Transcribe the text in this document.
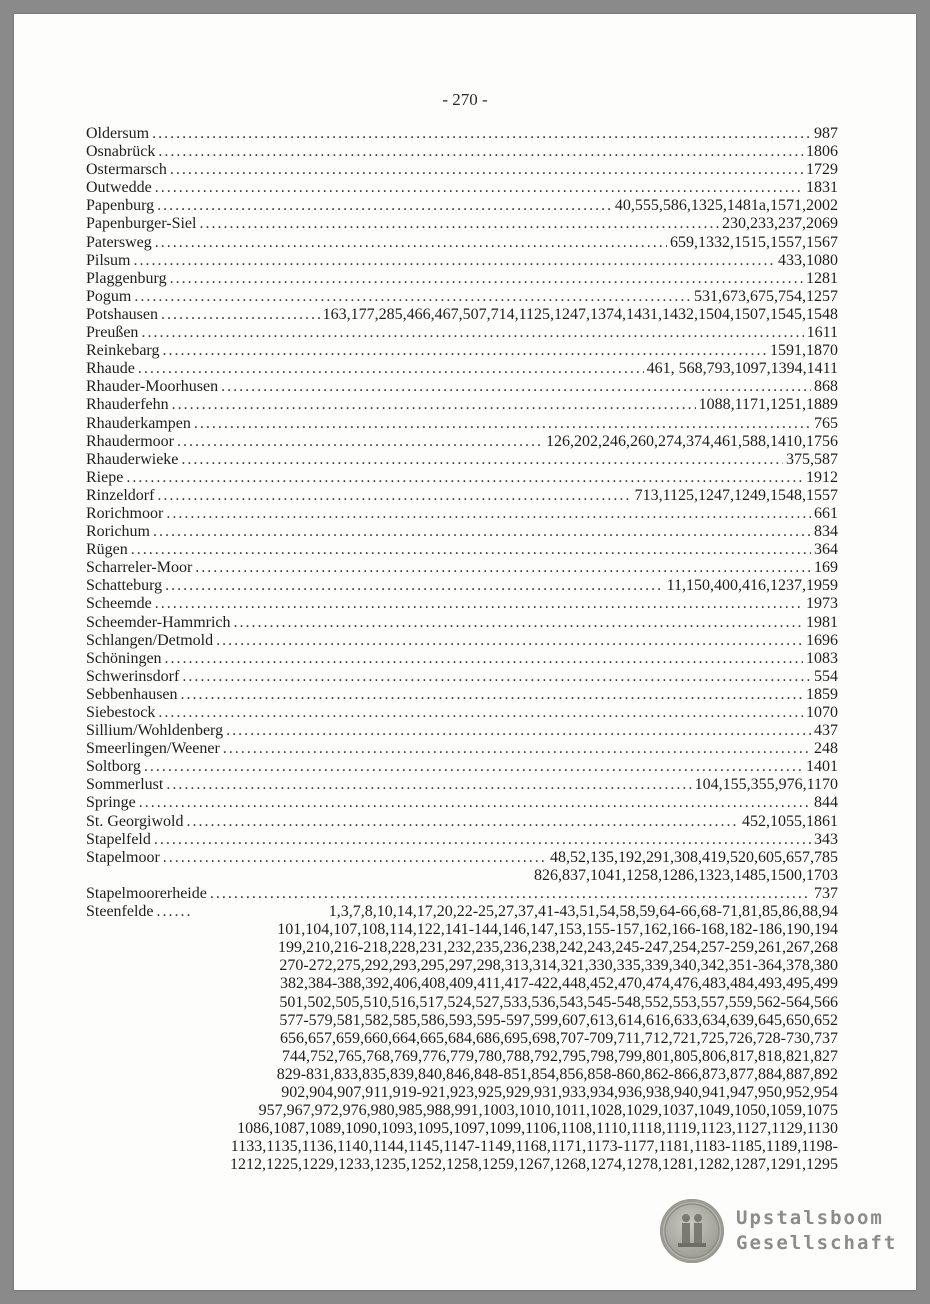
- 270 -
Oldersum .....	987
Osnabrück .....	1806
Ostermarsch .....	1729
Outwedde .....	1831
Papenburg .....	40,555,586,1325,1481a,1571,2002
Papenburger-Siel .....	230,233,237,2069
Patersweg .....	659,1332,1515,1557,1567
Pilsum .....	433,1080
Plaggenburg .....	1281
Pogum .....	531,673,675,754,1257
Potshausen .....	163,177,285,466,467,507,714,1125,1247,1374,1431,1432,1504,1507,1545,1548
Preußen .....	1611
Reinkebarg .....	1591,1870
Rhaude .....	461, 568,793,1097,1394,1411
Rhauder-Moorhusen .....	868
Rhauderfehn .....	1088,1171,1251,1889
Rhauderkampen .....	765
Rhaudermoor .....	126,202,246,260,274,374,461,588,1410,1756
Rhauderwieke .....	375,587
Riepe .....	1912
Rinzeldorf .....	713,1125,1247,1249,1548,1557
Rorichmoor .....	661
Rorichum .....	834
Rügen .....	364
Scharreler-Moor .....	169
Schatteburg .....	11,150,400,416,1237,1959
Scheemde .....	1973
Scheemder-Hammrich .....	1981
Schlangen/Detmold .....	1696
Schöningen .....	1083
Schwerinsdorf .....	554
Sebbenhausen .....	1859
Siebestock .....	1070
Sillium/Wohldenberg .....	437
Smeerlingen/Weener .....	248
Soltborg .....	1401
Sommerlust .....	104,155,355,976,1170
Springe .....	844
St. Georgiwold .....	452,1055,1861
Stapelfeld .....	343
Stapelmoor .....	48,52,135,192,291,308,419,520,605,657,785
826,837,1041,1258,1286,1323,1485,1500,1703
Stapelmoorerheide .....	737
Steenfelde .....	1,3,7,8,10,14,17,20,22-25,27,37,41-43,51,54,58,59,64-66,68-71,81,85,86,88,94
101,104,107,108,114,122,141-144,146,147,153,155-157,162,166-168,182-186,190,194
199,210,216-218,228,231,232,235,236,238,242,243,245-247,254,257-259,261,267,268
270-272,275,292,293,295,297,298,313,314,321,330,335,339,340,342,351-364,378,380
382,384-388,392,406,408,409,411,417-422,448,452,470,474,476,483,484,493,495,499
501,502,505,510,516,517,524,527,533,536,543,545-548,552,553,557,559,562-564,566
577-579,581,582,585,586,593,595-597,599,607,613,614,616,633,634,639,645,650,652
656,657,659,660,664,665,684,686,695,698,707-709,711,712,721,725,726,728-730,737
744,752,765,768,769,776,779,780,788,792,795,798,799,801,805,806,817,818,821,827
829-831,833,835,839,840,846,848-851,854,856,858-860,862-866,873,877,884,887,892
902,904,907,911,919-921,923,925,929,931,933,934,936,938,940,941,947,950,952,954
957,967,972,976,980,985,988,991,1003,1010,1011,1028,1029,1037,1049,1050,1059,1075
1086,1087,1089,1090,1093,1095,1097,1099,1106,1108,1110,1118,1119,1123,1127,1129,1130
1133,1135,1136,1140,1144,1145,1147-1149,1168,1171,1173-1177,1181,1183-1185,1189,1198-
1212,1225,1229,1233,1235,1252,1258,1259,1267,1268,1274,1278,1281,1282,1287,1291,1295
Upstalsboom
Gesellschaft
